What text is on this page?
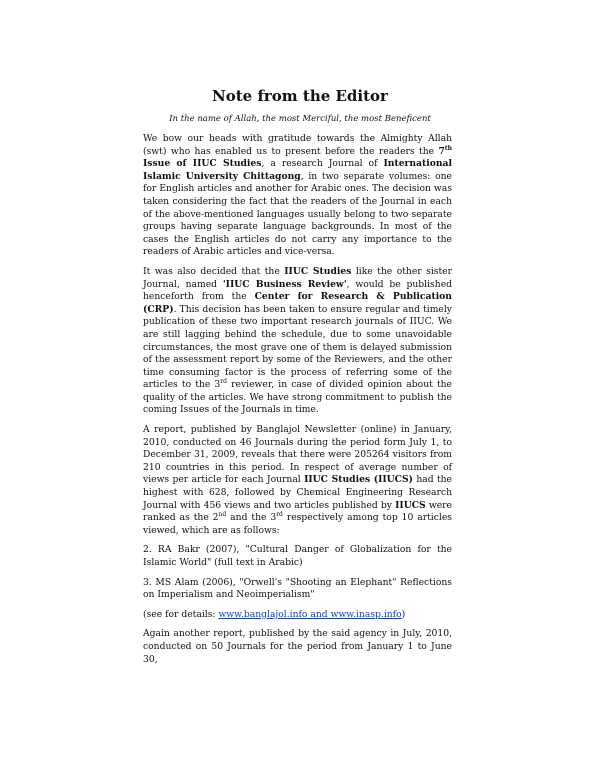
Note from the Editor

In the name of Allah, the most Merciful, the most Beneficent

We bow our heads with gratitude towards the Almighty Allah (swt) who has enabled us to present before the readers the 7th Issue of IIUC Studies, a research Journal of International Islamic University Chittagong, in two separate volumes: one for English articles and another for Arabic ones. The decision was taken considering the fact that the readers of the Journal in each of the above-mentioned languages usually belong to two separate groups having separate language backgrounds. In most of the cases the English articles do not carry any importance to the readers of Arabic articles and vice-versa.

It was also decided that the IIUC Studies like the other sister Journal, named 'IIUC Business Review', would be published henceforth from the Center for Research & Publication (CRP). This decision has been taken to ensure regular and timely publication of these two important research journals of IIUC. We are still lagging behind the schedule, due to some unavoidable circumstances, the most grave one of them is delayed submission of the assessment report by some of the Reviewers, and the other time consuming factor is the process of referring some of the articles to the 3rd reviewer, in case of divided opinion about the quality of the articles. We have strong commitment to publish the coming Issues of the Journals in time.

A report, published by Banglajol Newsletter (online) in January, 2010, conducted on 46 Journals during the period form July 1, to December 31, 2009, reveals that there were 205264 visitors from 210 countries in this period. In respect of average number of views per article for each Journal IIUC Studies (IIUCS) had the highest with 628, followed by Chemical Engineering Research Journal with 456 views and two articles published by IIUCS were ranked as the 2nd and the 3rd respectively among top 10 articles viewed, which are as follows:

2. RA Bakr (2007), "Cultural Danger of Globalization for the Islamic World" (full text in Arabic)

3. MS Alam (2006), "Orwell's "Shooting an Elephant" Reflections on Imperialism and Neoimperialism"

(see for details: www.banglajol.info and www.inasp.info)

Again another report, published by the said agency in July, 2010, conducted on 50 Journals for the period from January 1 to June 30,
